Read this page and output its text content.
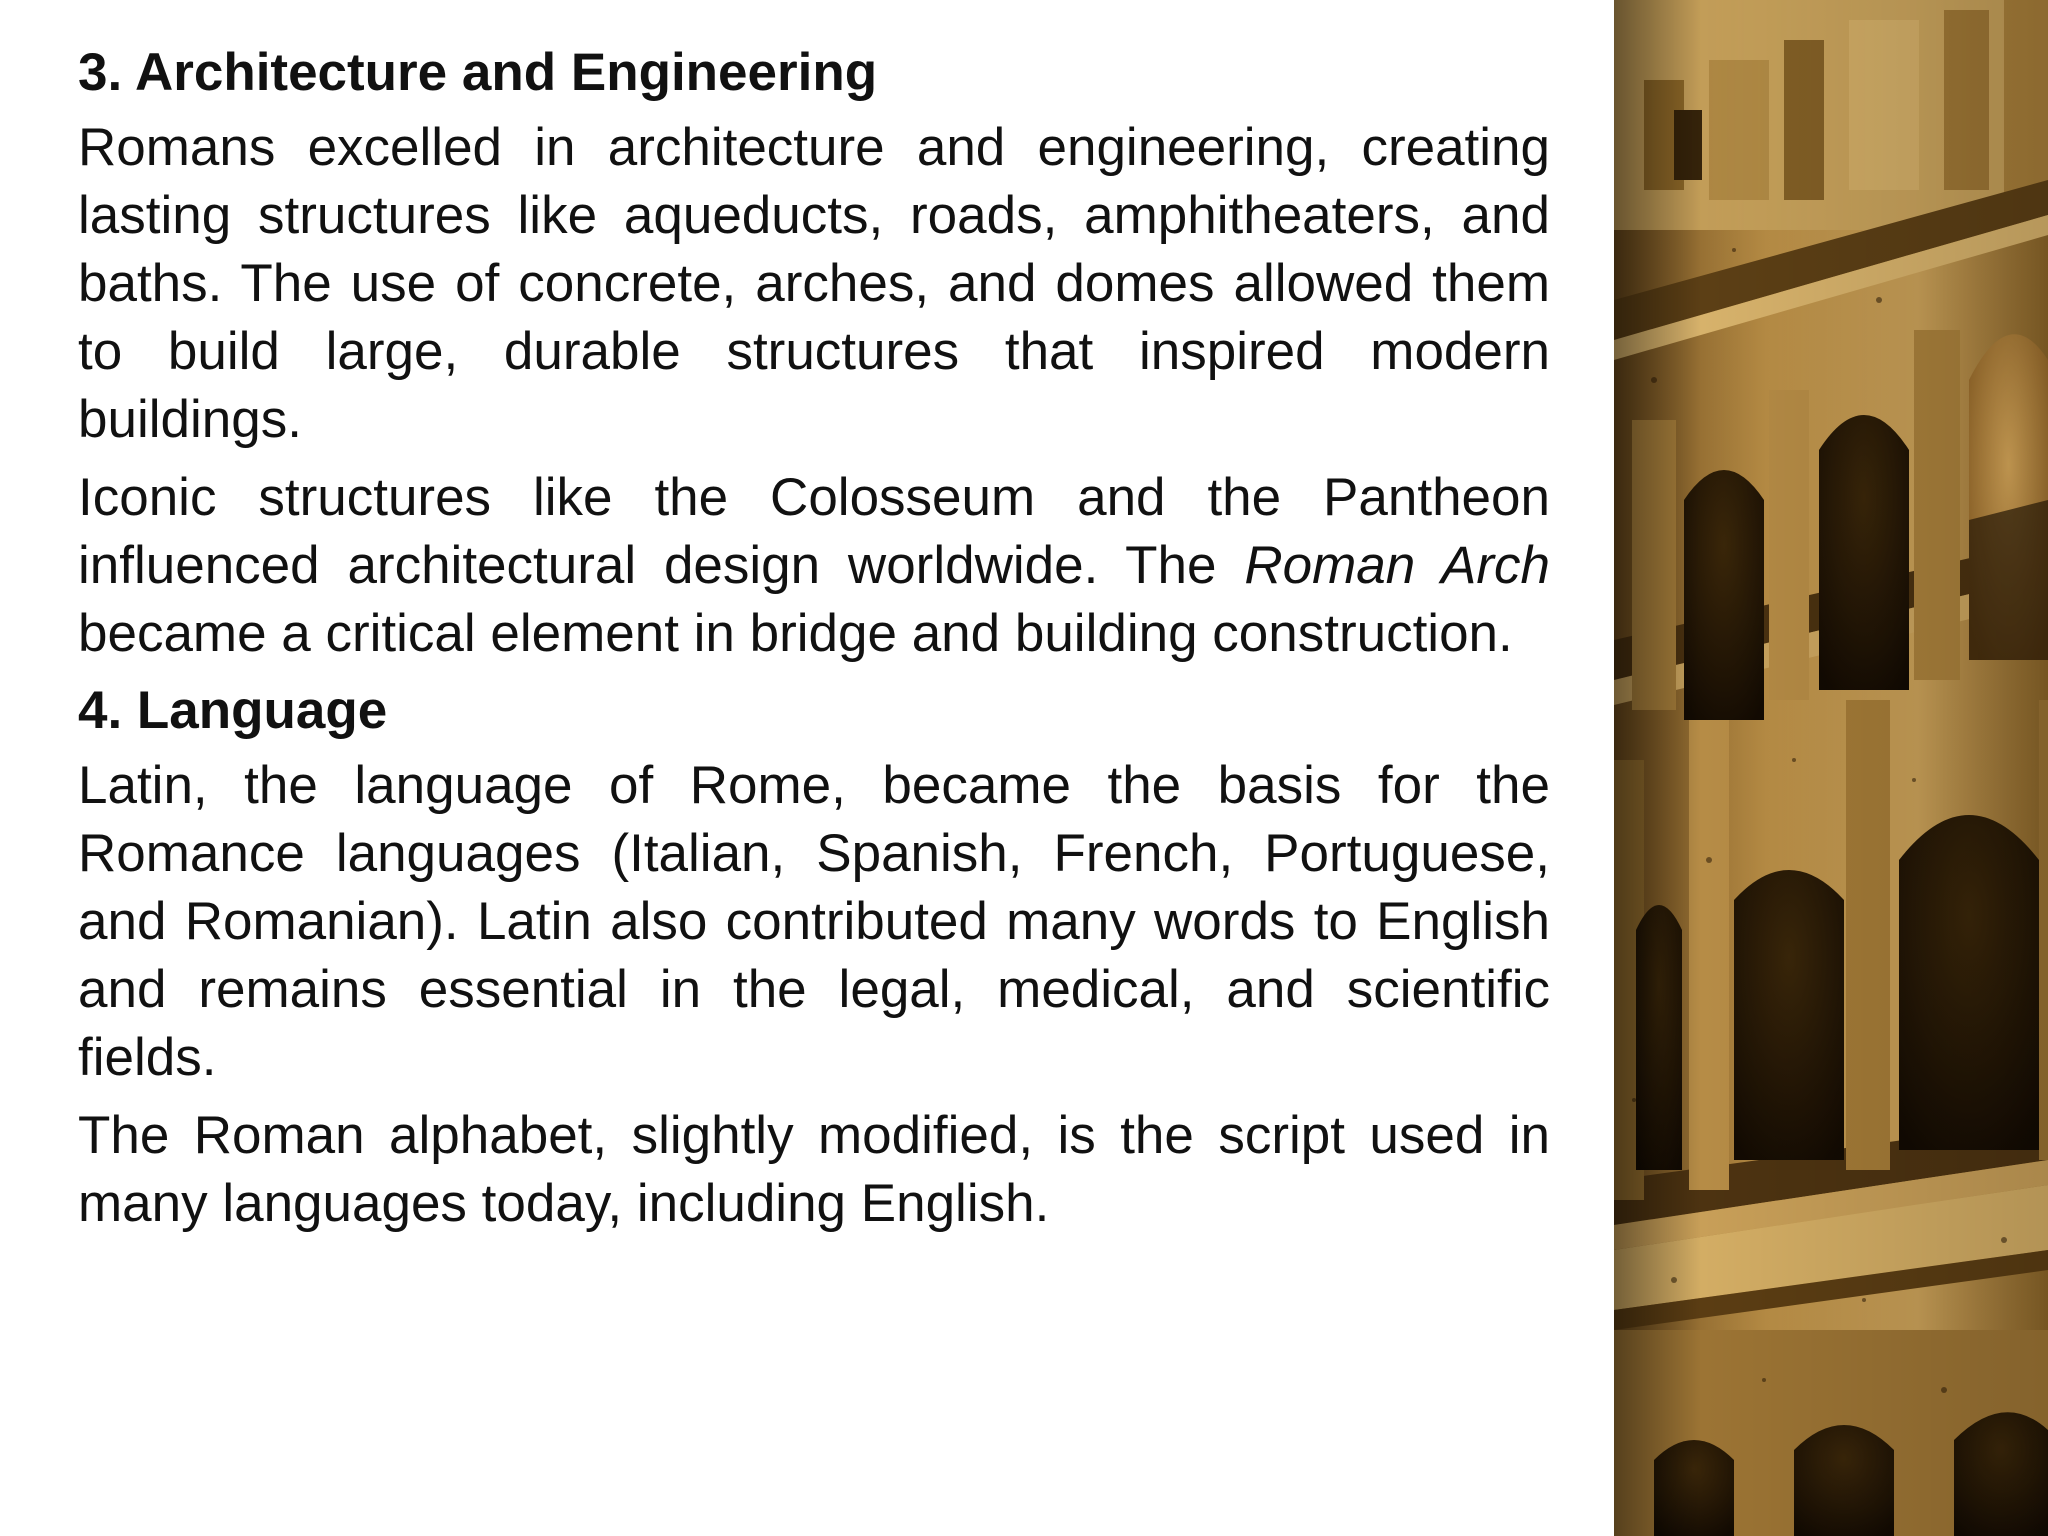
3. Architecture and Engineering

Romans excelled in architecture and engineering, creating lasting structures like aqueducts, roads, amphitheaters, and baths. The use of concrete, arches, and domes allowed them to build large, durable structures that inspired modern buildings.

Iconic structures like the Colosseum and the Pantheon influenced architectural design worldwide. The Roman Arch became a critical element in bridge and building construction.

4. Language

Latin, the language of Rome, became the basis for the Romance languages (Italian, Spanish, French, Portuguese, and Romanian). Latin also contributed many words to English and remains essential in the legal, medical, and scientific fields.

The Roman alphabet, slightly modified, is the script used in many languages today, including English.
